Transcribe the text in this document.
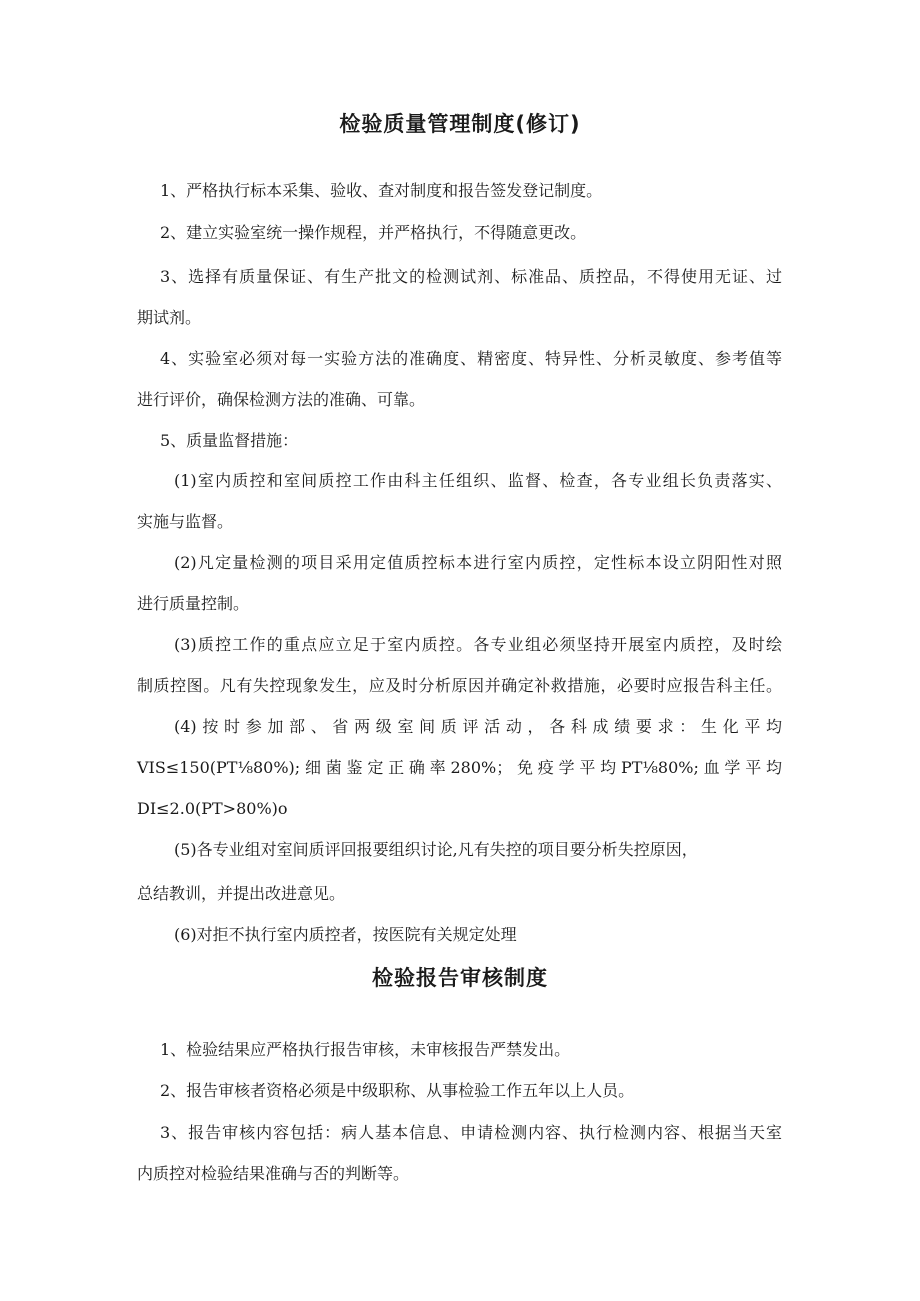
检验质量管理制度(修订)
1、严格执行标本采集、验收、查对制度和报告签发登记制度。
2、建立实验室统一操作规程，并严格执行，不得随意更改。
3、选择有质量保证、有生产批文的检测试剂、标准品、质控品，不得使用无证、过
期试剂。
4、实验室必须对每一实验方法的准确度、精密度、特异性、分析灵敏度、参考值等
进行评价，确保检测方法的准确、可靠。
5、质量监督措施：
(1)室内质控和室间质控工作由科主任组织、监督、检查，各专业组长负责落实、
实施与监督。
(2)凡定量检测的项目采用定值质控标本进行室内质控，定性标本设立阴阳性对照
进行质量控制。
(3)质控工作的重点应立足于室内质控。各专业组必须坚持开展室内质控，及时绘
制质控图。凡有失控现象发生，应及时分析原因并确定补救措施，必要时应报告科主任。
(4)按时参加部、省两级室间质评活动，各科成绩要求：生化平均
VIS≤150(PT⅛80%);细菌鉴定正确率280%；免疫学平均PT⅛80%;血学平均
DI≤2.0(PT>80%)o
(5)各专业组对室间质评回报要组织讨论,凡有失控的项目要分析失控原因，
总结教训，并提出改进意见。
(6)对拒不执行室内质控者，按医院有关规定处理
检验报告审核制度
1、检验结果应严格执行报告审核，未审核报告严禁发出。
2、报告审核者资格必须是中级职称、从事检验工作五年以上人员。
3、报告审核内容包括：病人基本信息、申请检测内容、执行检测内容、根据当天室
内质控对检验结果准确与否的判断等。
